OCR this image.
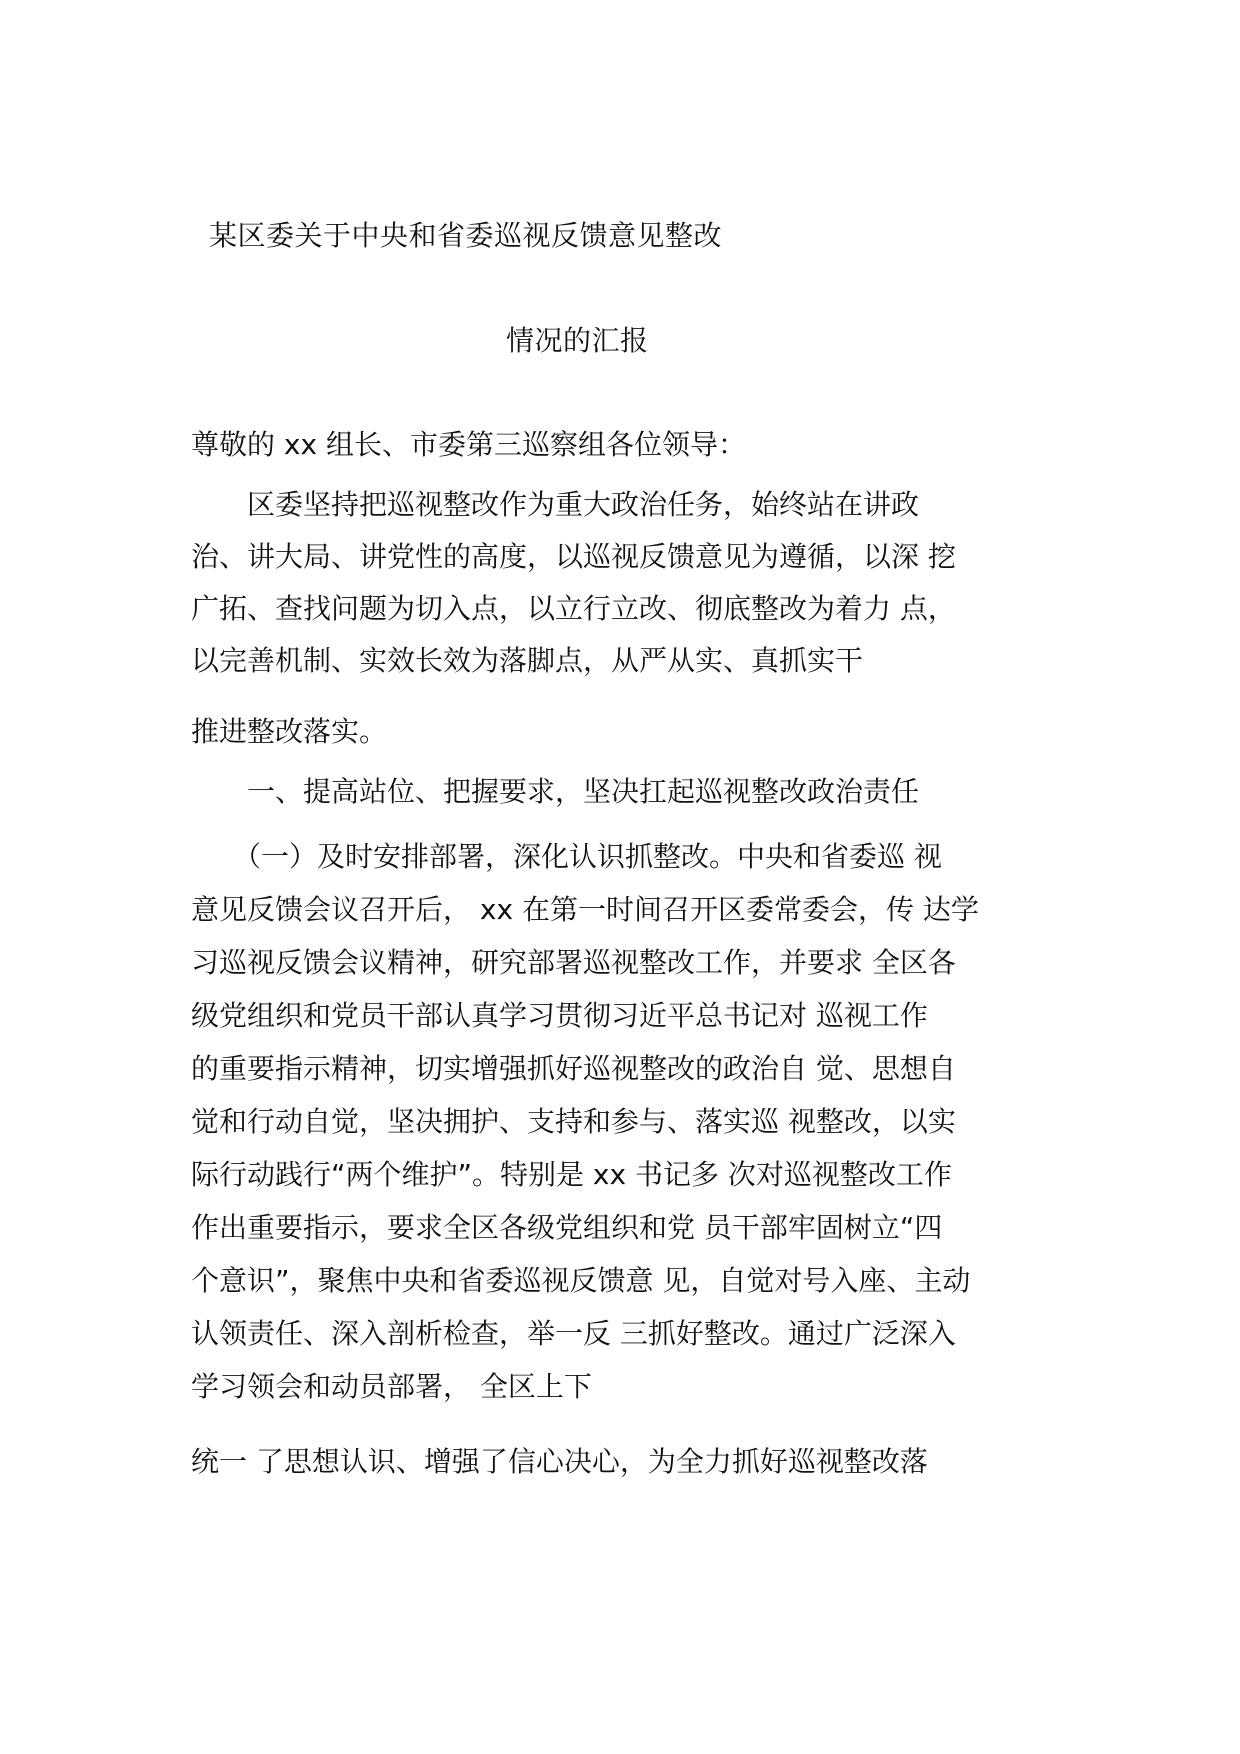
某区委关于中央和省委巡视反馈意见整改
情况的汇报
尊敬的 xx 组长、市委第三巡察组各位领导：
　　区委坚持把巡视整改作为重大政治任务，始终站在讲政
治、讲大局、讲党性的高度，以巡视反馈意见为遵循，以深 挖
广拓、查找问题为切入点，以立行立改、彻底整改为着力 点，
以完善机制、实效长效为落脚点，从严从实、真抓实干
推进整改落实。
　　一、提高站位、把握要求，坚决扛起巡视整改政治责任
　　（一）及时安排部署，深化认识抓整改。中央和省委巡 视
意见反馈会议召开后， xx 在第一时间召开区委常委会，传 达学
习巡视反馈会议精神，研究部署巡视整改工作，并要求 全区各
级党组织和党员干部认真学习贯彻习近平总书记对 巡视工作
的重要指示精神，切实增强抓好巡视整改的政治自 觉、思想自
觉和行动自觉，坚决拥护、支持和参与、落实巡 视整改，以实
际行动践行“两个维护”。特别是 xx 书记多 次对巡视整改工作
作出重要指示，要求全区各级党组织和党 员干部牢固树立“四
个意识”，聚焦中央和省委巡视反馈意 见，自觉对号入座、主动
认领责任、深入剖析检查，举一反 三抓好整改。通过广泛深入
学习领会和动员部署， 全区上下
统一 了思想认识、增强了信心决心，为全力抓好巡视整改落
